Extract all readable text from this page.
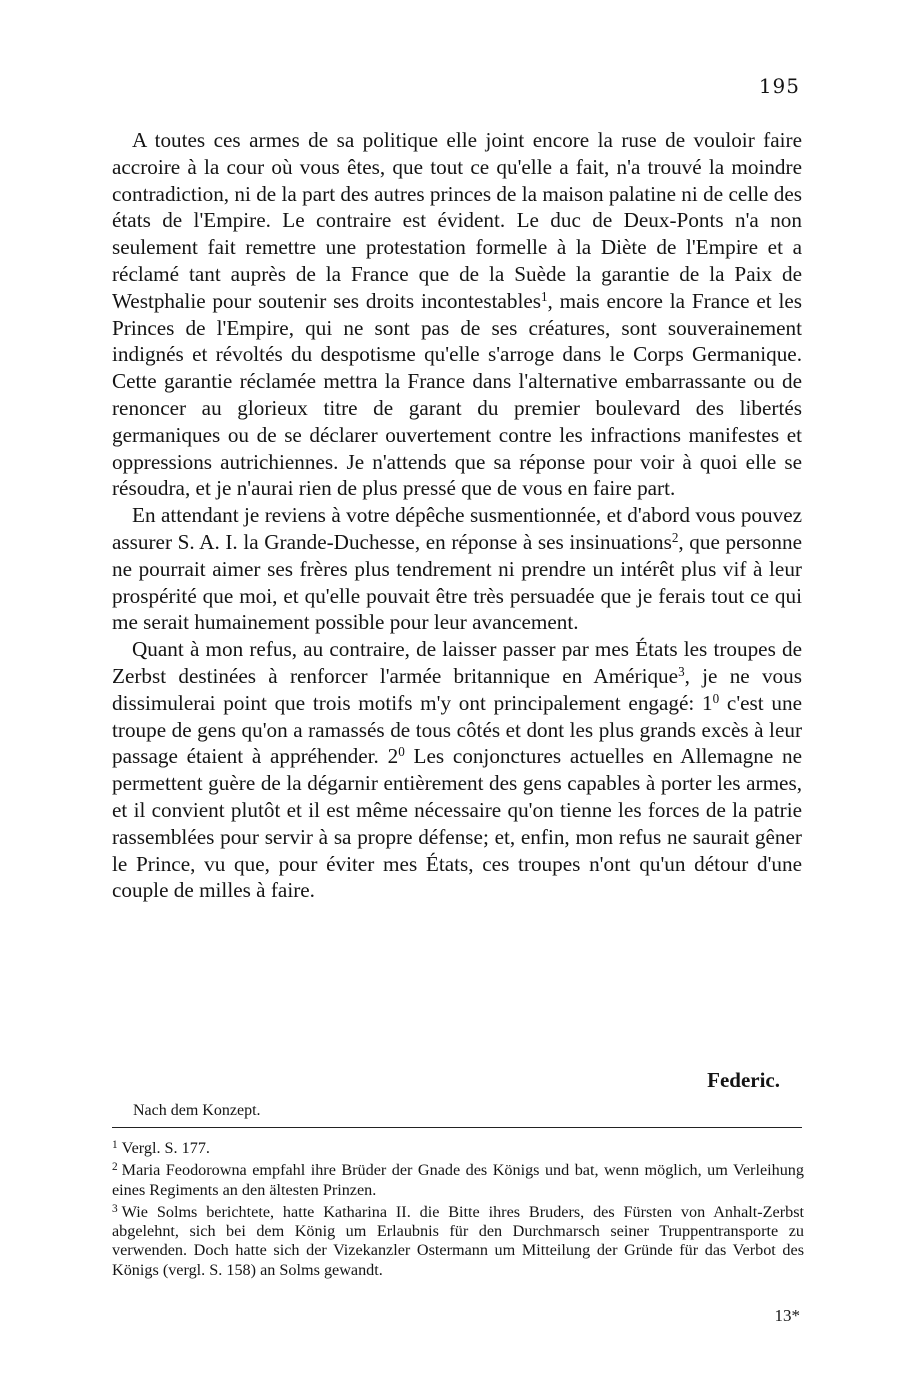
195

A toutes ces armes de sa politique elle joint encore la ruse de vouloir faire accroire à la cour où vous êtes, que tout ce qu'elle a fait, n'a trouvé la moindre contradiction, ni de la part des autres princes de la maison palatine ni de celle des états de l'Empire. Le contraire est évident. Le duc de Deux-Ponts n'a non seulement fait remettre une protestation formelle à la Diète de l'Empire et a réclamé tant auprès de la France que de la Suède la garantie de la Paix de Westphalie pour soutenir ses droits incontestables$^1$, mais encore la France et les Princes de l'Empire, qui ne sont pas de ses créatures, sont souverainement indignés et révoltés du despotisme qu'elle s'arroge dans le Corps Germanique. Cette garantie réclamée mettra la France dans l'alternative embarrassante ou de renoncer au glorieux titre de garant du premier boulevard des libertés germaniques ou de se déclarer ouvertement contre les infractions manifestes et oppressions autrichiennes. Je n'attends que sa réponse pour voir à quoi elle se résoudra, et je n'aurai rien de plus pressé que de vous en faire part.

En attendant je reviens à votre dépêche susmentionnée, et d'abord vous pouvez assurer S. A. I. la Grande-Duchesse, en réponse à ses insinuations$^2$, que personne ne pourrait aimer ses frères plus tendrement ni prendre un intérêt plus vif à leur prospérité que moi, et qu'elle pouvait être très persuadée que je ferais tout ce qui me serait humainement possible pour leur avancement.

Quant à mon refus, au contraire, de laisser passer par mes États les troupes de Zerbst destinées à renforcer l'armée britannique en Amérique$^3$, je ne vous dissimulerai point que trois motifs m'y ont principalement engagé: $1^0$ c'est une troupe de gens qu'on a ramassés de tous côtés et dont les plus grands excès à leur passage étaient à appréhender. $2^0$ Les conjonctures actuelles en Allemagne ne permettent guère de la dégarnir entièrement des gens capables à porter les armes, et il convient plutôt et il est même nécessaire qu'on tienne les forces de la patrie rassemblées pour servir à sa propre défense; et, enfin, mon refus ne saurait gêner le Prince, vu que, pour éviter mes États, ces troupes n'ont qu'un détour d'une couple de milles à faire.

Federic.
Nach dem Konzept.

$^1$ Vergl. S. 177.

$^2$ Maria Feodorowna empfahl ihre Brüder der Gnade des Königs und bat, wenn möglich, um Verleihung eines Regiments an den ältesten Prinzen.

$^3$ Wie Solms berichtete, hatte Katharina II. die Bitte ihres Bruders, des Fürsten von Anhalt-Zerbst abgelehnt, sich bei dem König um Erlaubnis für den Durchmarsch seiner Truppentransporte zu verwenden. Doch hatte sich der Vizekanzler Ostermann um Mitteilung der Gründe für das Verbot des Königs (vergl. S. 158) an Solms gewandt.

13*
